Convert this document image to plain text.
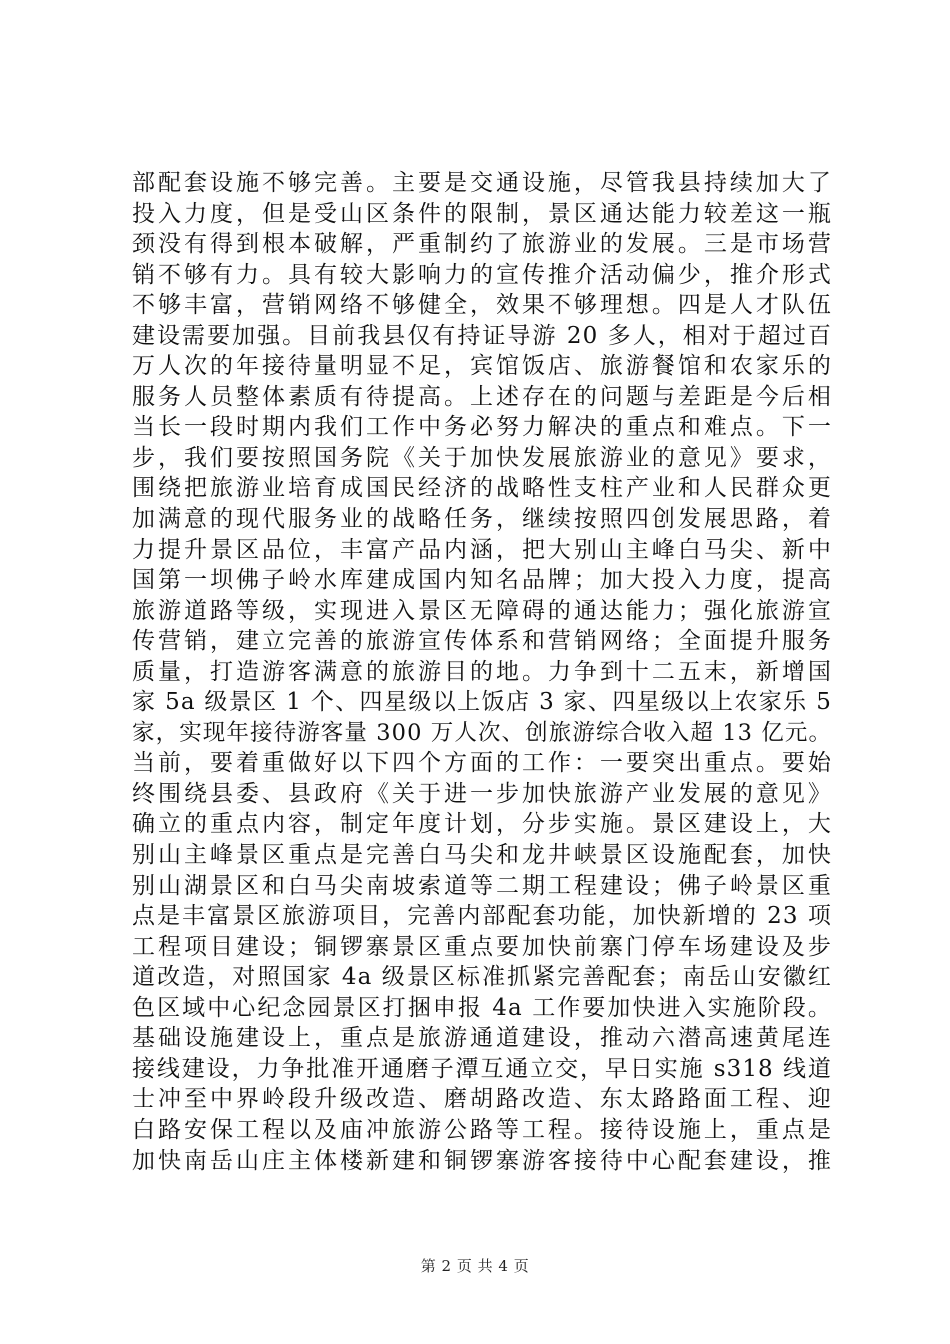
部配套设施不够完善。主要是交通设施，尽管我县持续加大了
投入力度，但是受山区条件的限制，景区通达能力较差这一瓶
颈没有得到根本破解，严重制约了旅游业的发展。三是市场营
销不够有力。具有较大影响力的宣传推介活动偏少，推介形式
不够丰富，营销网络不够健全，效果不够理想。四是人才队伍
建设需要加强。目前我县仅有持证导游 20 多人，相对于超过百
万人次的年接待量明显不足，宾馆饭店、旅游餐馆和农家乐的
服务人员整体素质有待提高。上述存在的问题与差距是今后相
当长一段时期内我们工作中务必努力解决的重点和难点。下一
步，我们要按照国务院《关于加快发展旅游业的意见》要求，
围绕把旅游业培育成国民经济的战略性支柱产业和人民群众更
加满意的现代服务业的战略任务，继续按照四创发展思路，着
力提升景区品位，丰富产品内涵，把大别山主峰白马尖、新中
国第一坝佛子岭水库建成国内知名品牌；加大投入力度，提高
旅游道路等级，实现进入景区无障碍的通达能力；强化旅游宣
传营销，建立完善的旅游宣传体系和营销网络；全面提升服务
质量，打造游客满意的旅游目的地。力争到十二五末，新增国
家 5a 级景区 1 个、四星级以上饭店 3 家、四星级以上农家乐 5
家，实现年接待游客量 300 万人次、创旅游综合收入超 13 亿元。
当前，要着重做好以下四个方面的工作：一要突出重点。要始
终围绕县委、县政府《关于进一步加快旅游产业发展的意见》
确立的重点内容，制定年度计划，分步实施。景区建设上，大
别山主峰景区重点是完善白马尖和龙井峡景区设施配套，加快
别山湖景区和白马尖南坡索道等二期工程建设；佛子岭景区重
点是丰富景区旅游项目，完善内部配套功能，加快新增的 23 项
工程项目建设；铜锣寨景区重点要加快前寨门停车场建设及步
道改造，对照国家 4a 级景区标准抓紧完善配套；南岳山安徽红
色区域中心纪念园景区打捆申报 4a 工作要加快进入实施阶段。
基础设施建设上，重点是旅游通道建设，推动六潜高速黄尾连
接线建设，力争批准开通磨子潭互通立交，早日实施 s318 线道
士冲至中界岭段升级改造、磨胡路改造、东太路路面工程、迎
白路安保工程以及庙冲旅游公路等工程。接待设施上，重点是
加快南岳山庄主体楼新建和铜锣寨游客接待中心配套建设，推
第 2 页 共 4 页
